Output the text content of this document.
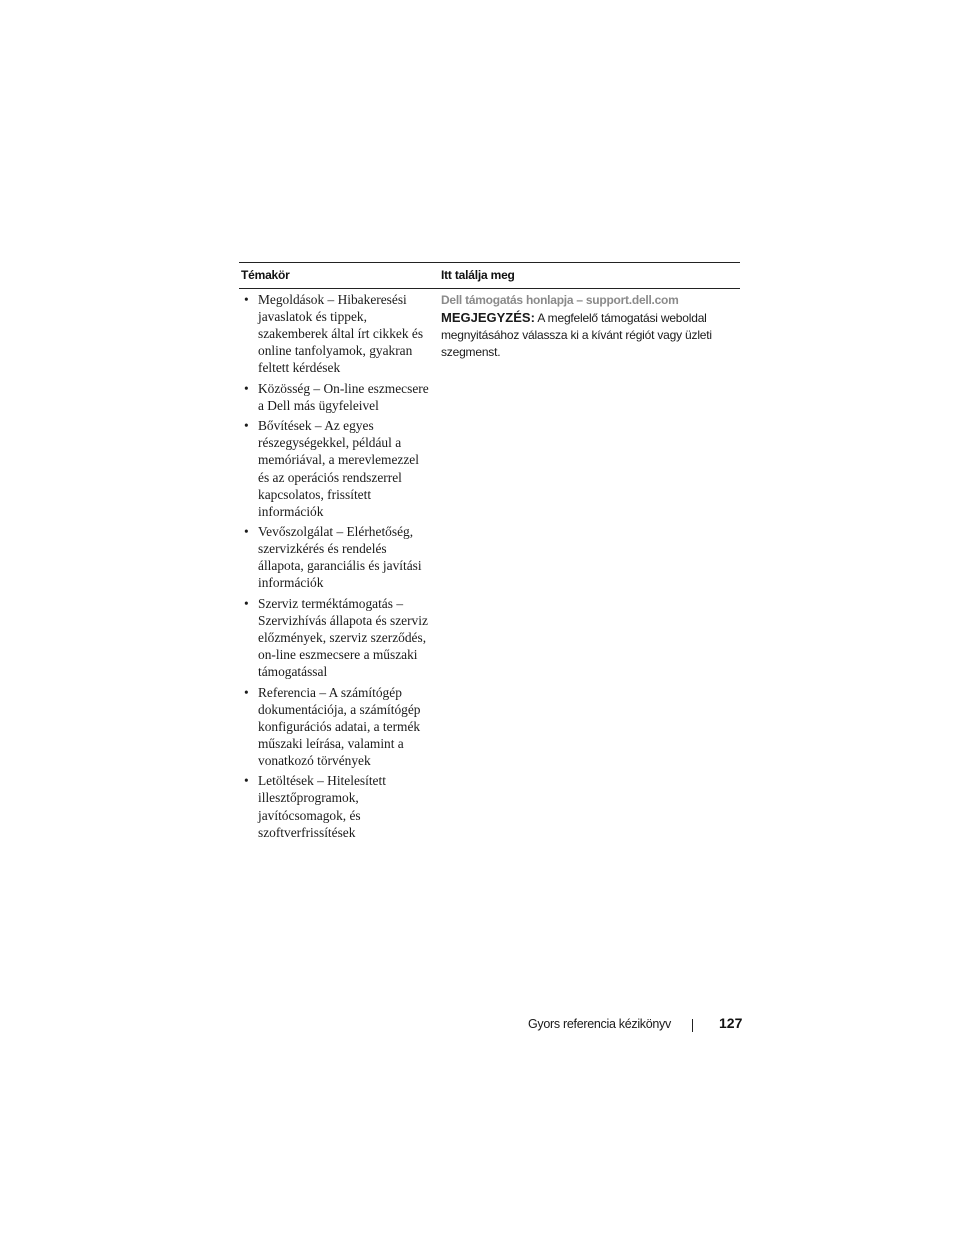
Témakör	Itt találja meg
• Megoldások – Hibakeresési
javaslatok és tippek,
szakemberek által írt cikkek és
online tanfolyamok, gyakran
feltett kérdések
• Közösség – On-line eszmecsere
a Dell más ügyfeleivel
• Bővítések – Az egyes
részegységekkel, például a
memóriával, a merevlemezzel
és az operációs rendszerrel
kapcsolatos, frissített
információk
• Vevőszolgálat – Elérhetőség,
szervizkérés és rendelés
állapota, garanciális és javítási
információk
• Szerviz terméktámogatás –
Szervizhívás állapota és szerviz
előzmények, szerviz szerződés,
on-line eszmecsere a műszaki
támogatással
• Referencia – A számítógép
dokumentációja, a számítógép
konfigurációs adatai, a termék
műszaki leírása, valamint a
vonatkozó törvények
• Letöltések – Hitelesített
illesztőprogramok,
javítócsomagok, és
szoftverfrissítések
Dell támogatás honlapja – support.dell.com
MEGJEGYZÉS: A megfelelő támogatási weboldal
megnyitásához válassza ki a kívánt régiót vagy üzleti
szegmenst.
Gyors referencia kézikönyv	127
